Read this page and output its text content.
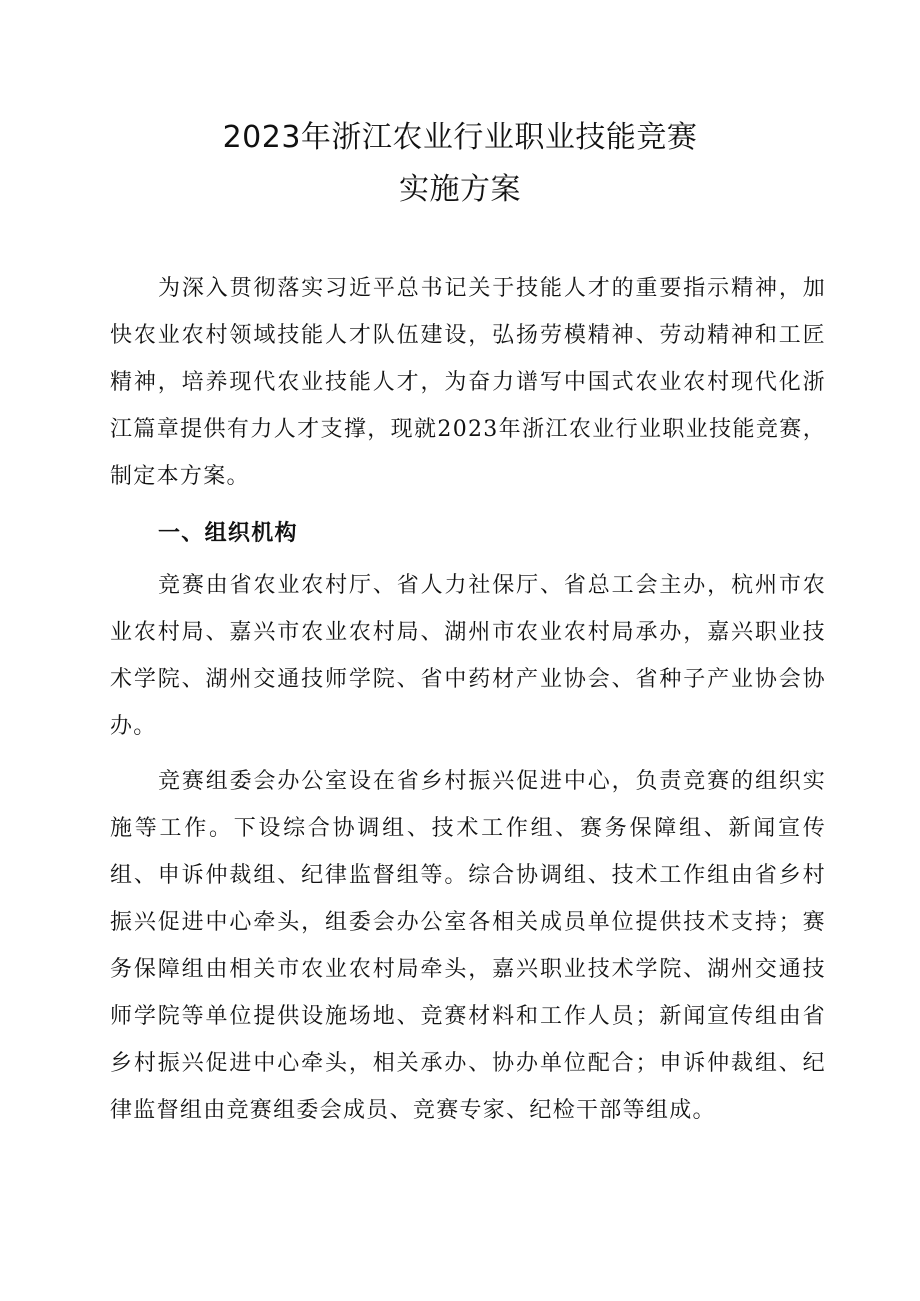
2023年浙江农业行业职业技能竞赛
实施方案

为深入贯彻落实习近平总书记关于技能人才的重要指示精神，加快农业农村领域技能人才队伍建设，弘扬劳模精神、劳动精神和工匠精神，培养现代农业技能人才，为奋力谱写中国式农业农村现代化浙江篇章提供有力人才支撑，现就2023年浙江农业行业职业技能竞赛，制定本方案。

一、组织机构

竞赛由省农业农村厅、省人力社保厅、省总工会主办，杭州市农业农村局、嘉兴市农业农村局、湖州市农业农村局承办，嘉兴职业技术学院、湖州交通技师学院、省中药材产业协会、省种子产业协会协办。

竞赛组委会办公室设在省乡村振兴促进中心，负责竞赛的组织实施等工作。下设综合协调组、技术工作组、赛务保障组、新闻宣传组、申诉仲裁组、纪律监督组等。综合协调组、技术工作组由省乡村振兴促进中心牵头，组委会办公室各相关成员单位提供技术支持；赛务保障组由相关市农业农村局牵头，嘉兴职业技术学院、湖州交通技师学院等单位提供设施场地、竞赛材料和工作人员；新闻宣传组由省乡村振兴促进中心牵头，相关承办、协办单位配合；申诉仲裁组、纪律监督组由竞赛组委会成员、竞赛专家、纪检干部等组成。
